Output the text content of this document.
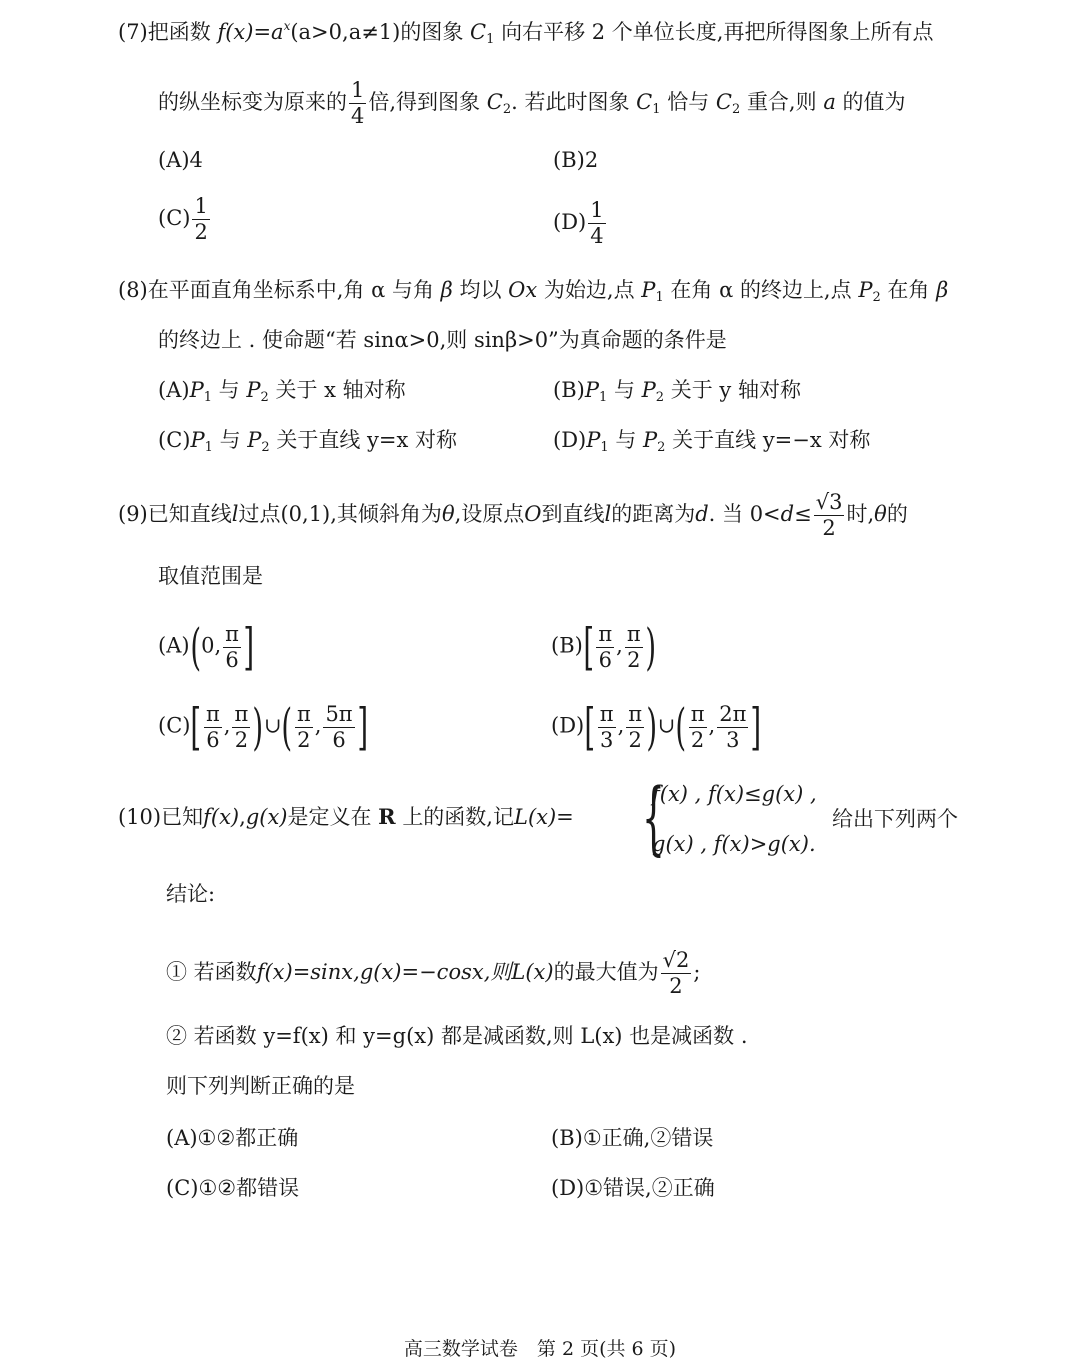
(7)把函数 $f(x)=a^x(a>0,a\ne 1)$的图象 $C_1$ 向右平移 2 个单位长度,再把所得图象上所有点
的纵坐标变为原来的 $\frac{1}{4}$ 倍,得到图象 $C_2$. 若此时图象 $C_1$ 恰与 $C_2$ 重合,则 a 的值为
(A)4	(B)2
$(C) \frac{1}{2}$	$(D) \frac{1}{4}$
(8)在平面直角坐标系中,角 α 与角 β 均以 Ox 为始边,点 $P_1$ 在角 α 的终边上,点 $P_2$ 在角 β
的终边上 . 使命题“若 sinα>0,则 sinβ>0”为真命题的条件是
$(A)P_1$ 与 $P_2$ 关于 x 轴对称	$(B)P_1$ 与 $P_2$ 关于 y 轴对称
$(C)P_1$ 与 $P_2$ 关于直线 y=x 对称	$(D)P_1$ 与 $P_2$ 关于直线 y=−x 对称
(9)已知直线l过点(0,1),其倾斜角为θ,设原点O到直线l的距离为d. 当 $0<d\le \frac{√3}{2}$ 时,θ的
取值范围是
(A)(0, $\frac{\pi}{6}$ ]	$(B)[ \frac{\pi}{6}$ , $\frac{\pi}{2}$ )
$(C)[ \frac{\pi}{6}$ , $\frac{\pi}{2}$ )∪( $\frac{\pi}{2}$ , $\frac{5\pi}{6}$ ]	$(D)[ \frac{\pi}{3}$ , $\frac{\pi}{2}$ )∪( $\frac{\pi}{2}$ , $\frac{2\pi}{3}$ ]
(10)已知f(x),g(x)是定义在 R 上的函数,记L(x)= {
f(x) , f(x)≤g(x) ,
g(x) , f(x)>g(x).
给出下列两个
结论:
① 若函数f(x)=sinx,g(x)=−cosx,则L(x)的最大值为 $\frac{√2}{2}$ ;
② 若函数 y=f(x) 和 y=g(x) 都是减函数,则 L(x) 也是减函数 .
则下列判断正确的是
(A)①②都正确	(B)①正确,②错误
(C)①②都错误	(D)①错误,②正确
高三数学试卷　第 2 页(共 6 页)
